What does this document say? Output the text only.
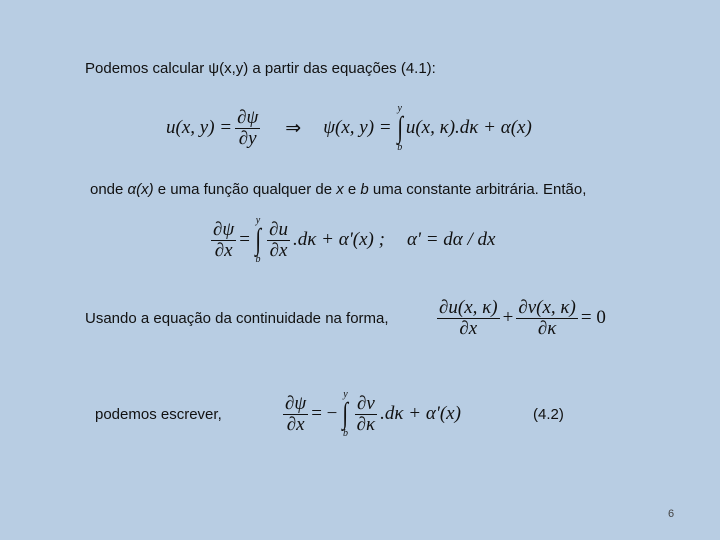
Podemos calcular ψ(x,y) a partir das equações (4.1):
u(x, $y) = \frac{\partial\psi}{\partial y}$ ⇒ ψ(x, y) =
y
∫
b
u(x, κ).dκ + α(x)
onde α(x) e uma função qualquer de x e b uma constante arbitrária. Então,
$\frac{\partial\psi}{\partial x}$ =
y
∫
b $\frac{\partial u}{\partial x} .d\kappa + \alpha'(x)$ ; α' = dα / dx
Usando a equação da continuidade na forma,	$\frac{\partial u(x, \kappa)}{\partial x} + \frac{\partial v(x, \kappa)}{\partial\kappa} = 0$
podemos escrever,	$\frac{\partial\psi}{\partial x}$ = −
y
∫
b $\frac{\partial v}{\partial\kappa} .d\kappa + \alpha'(x)$	(4.2)
6
